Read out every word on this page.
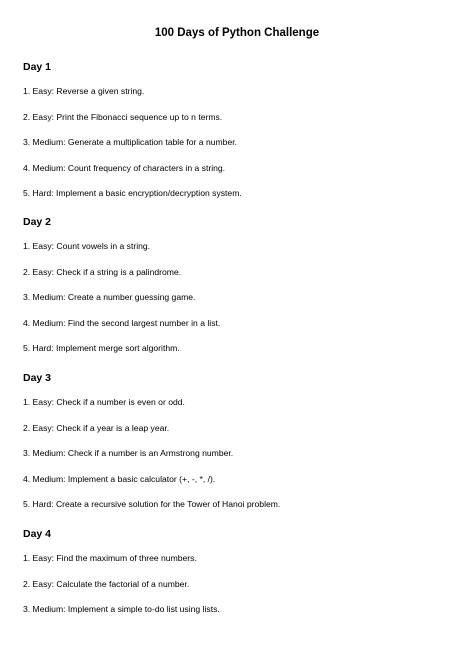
100 Days of Python Challenge
Day 1
1. Easy: Reverse a given string.
2. Easy: Print the Fibonacci sequence up to n terms.
3. Medium: Generate a multiplication table for a number.
4. Medium: Count frequency of characters in a string.
5. Hard: Implement a basic encryption/decryption system.
Day 2
1. Easy: Count vowels in a string.
2. Easy: Check if a string is a palindrome.
3. Medium: Create a number guessing game.
4. Medium: Find the second largest number in a list.
5. Hard: Implement merge sort algorithm.
Day 3
1. Easy: Check if a number is even or odd.
2. Easy: Check if a year is a leap year.
3. Medium: Check if a number is an Armstrong number.
4. Medium: Implement a basic calculator (+, -, *, /).
5. Hard: Create a recursive solution for the Tower of Hanoi problem.
Day 4
1. Easy: Find the maximum of three numbers.
2. Easy: Calculate the factorial of a number.
3. Medium: Implement a simple to-do list using lists.
